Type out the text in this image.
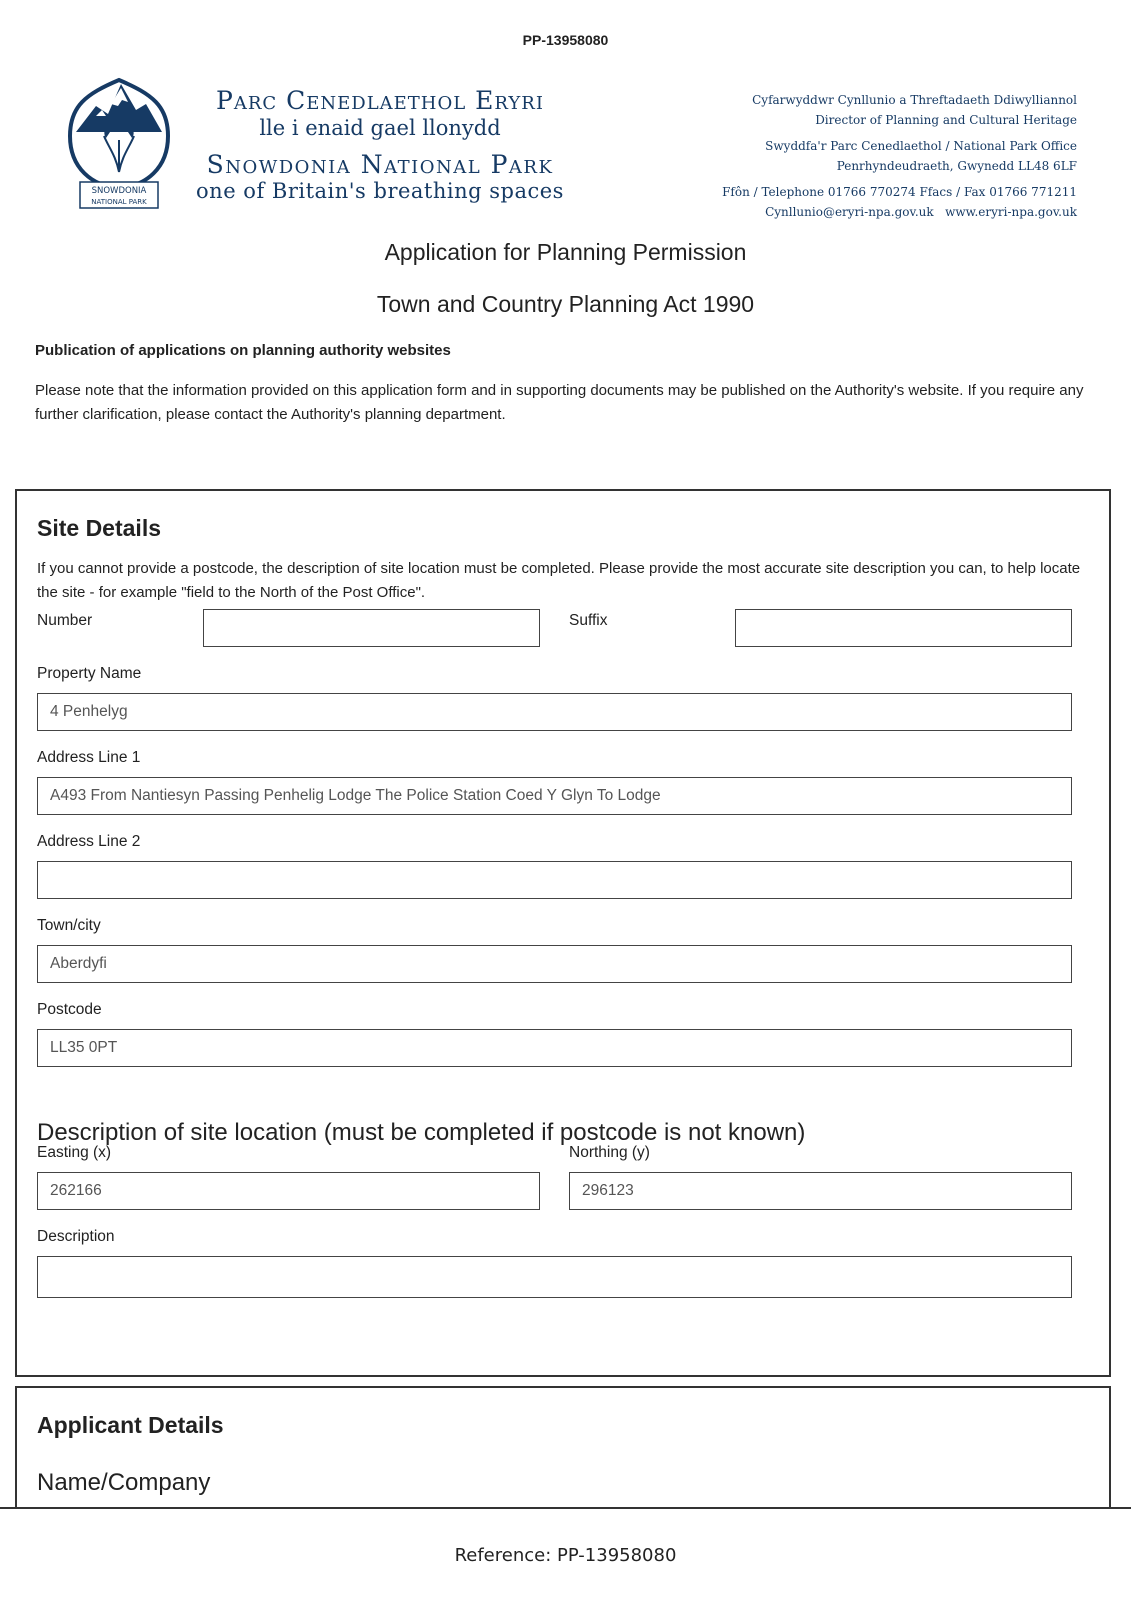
PP-13958080
SNOWDONIA
NATIONAL PARK
Parc Cenedlaethol Eryri
lle i enaid gael llonydd
Snowdonia National Park
one of Britain's breathing spaces
Cyfarwyddwr Cynllunio a Threftadaeth Ddiwylliannol
Director of Planning and Cultural Heritage
Swyddfa'r Parc Cenedlaethol / National Park Office
Penrhyndeudraeth, Gwynedd LL48 6LF
Ffôn / Telephone 01766 770274 Ffacs / Fax 01766 771211
Cynllunio@eryri-npa.gov.uk   www.eryri-npa.gov.uk
Application for Planning Permission
Town and Country Planning Act 1990
Publication of applications on planning authority websites
Please note that the information provided on this application form and in supporting documents may be published on the Authority's website. If you require any further clarification, please contact the Authority's planning department.
Site Details
If you cannot provide a postcode, the description of site location must be completed. Please provide the most accurate site description you can, to help locate the site - for example "field to the North of the Post Office".
Number	Suffix
Property Name
4 Penhelyg
Address Line 1
A493 From Nantiesyn Passing Penhelig Lodge The Police Station Coed Y Glyn To Lodge
Address Line 2
Town/city
Aberdyfi
Postcode
LL35 0PT
Description of site location (must be completed if postcode is not known)
Easting (x)
262166
Northing (y)
296123
Description
Applicant Details
Name/Company
Reference: PP-13958080
